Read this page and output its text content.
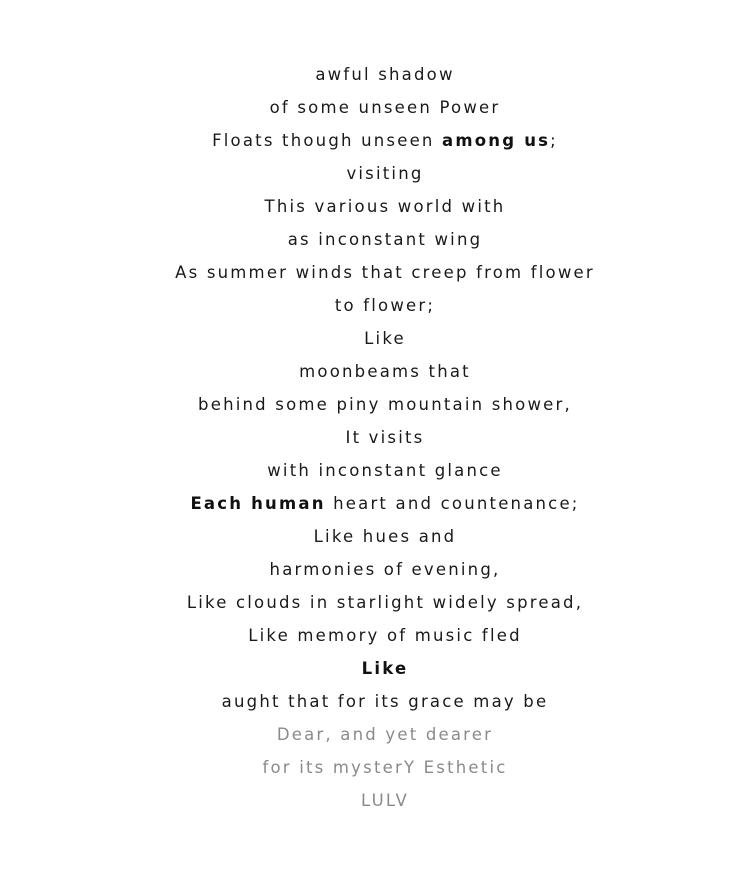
awful shadow
of some unseen Power
Floats though unseen among us;
visiting
This various world with
as inconstant wing
As summer winds that creep from flower
to flower;
Like
moonbeams that
behind some piny mountain shower,
It visits
with inconstant glance
Each human heart and countenance;
Like hues and
harmonies of evening,
Like clouds in starlight widely spread,
Like memory of music fled
Like
aught that for its grace may be
Dear, and yet dearer
for its mysterY Esthetic
LULV
